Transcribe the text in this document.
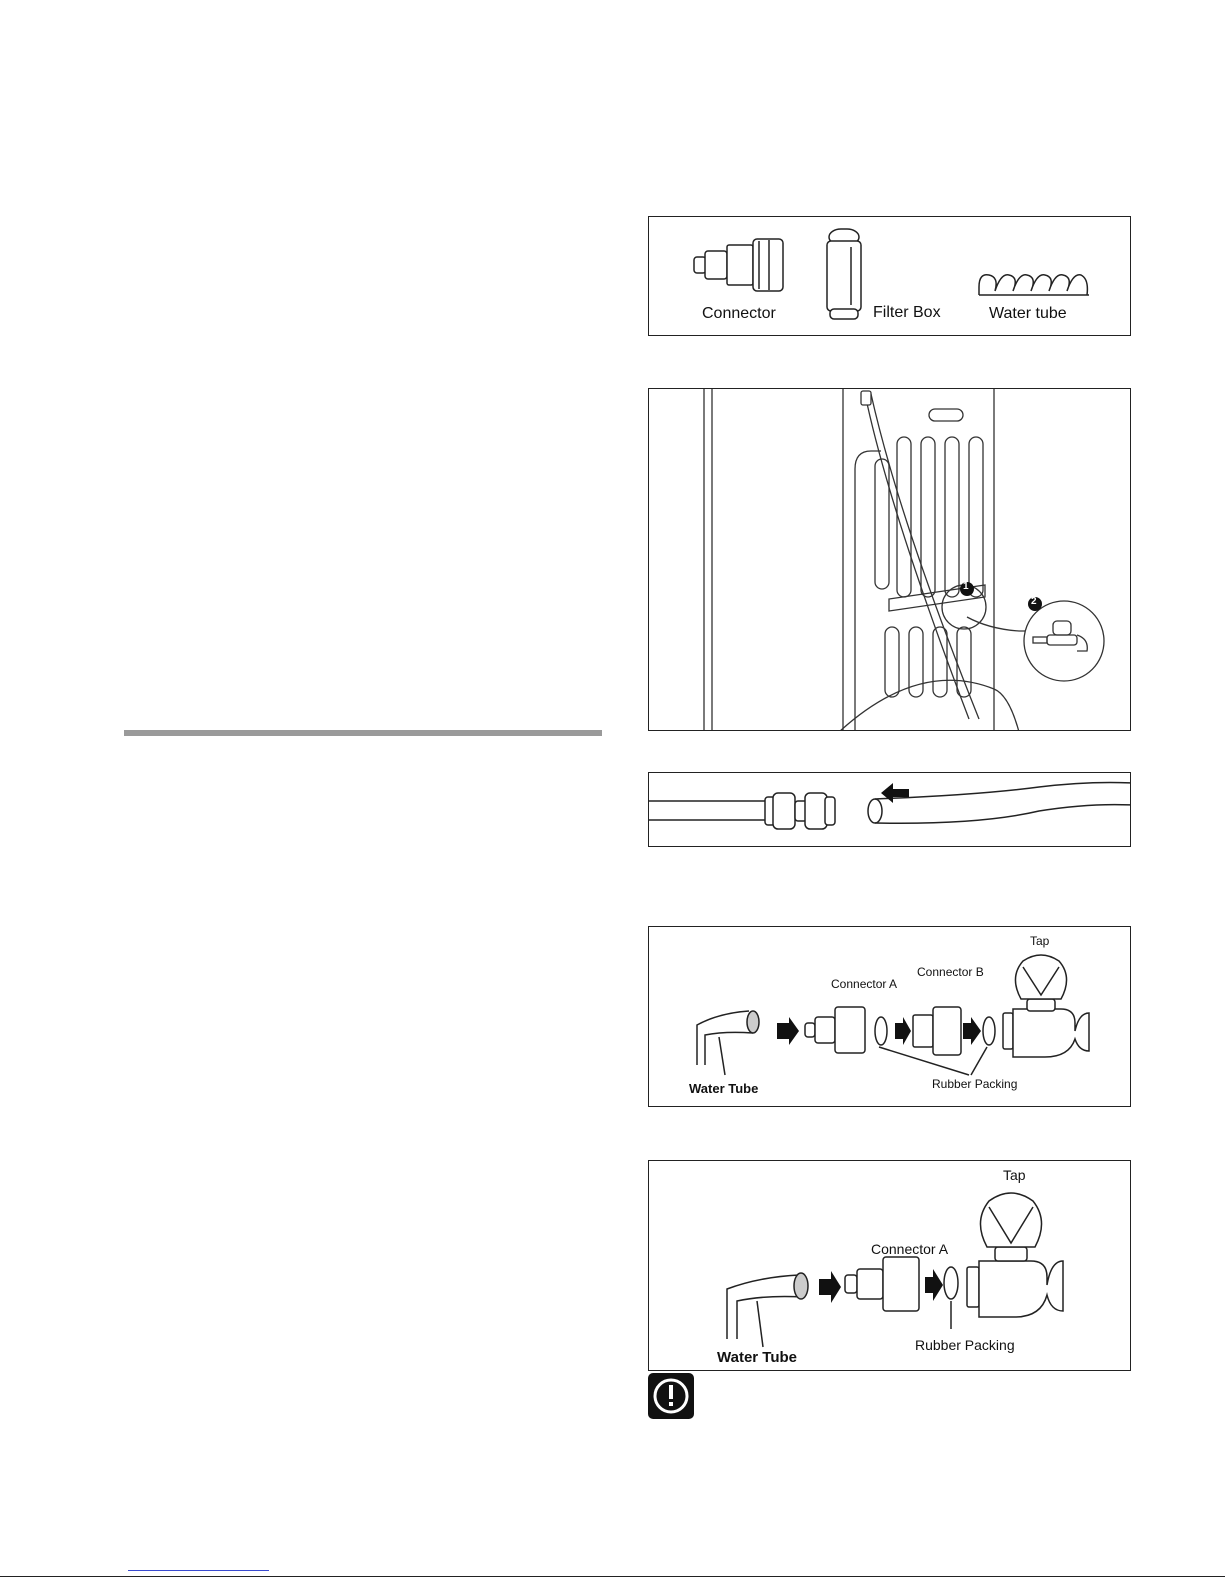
Connector	Filter Box	Water tube
1
2
Tap
Connector A
Connector B
Water Tube	Rubber Packing
Tap
Connector A
Water Tube
Rubber Packing
